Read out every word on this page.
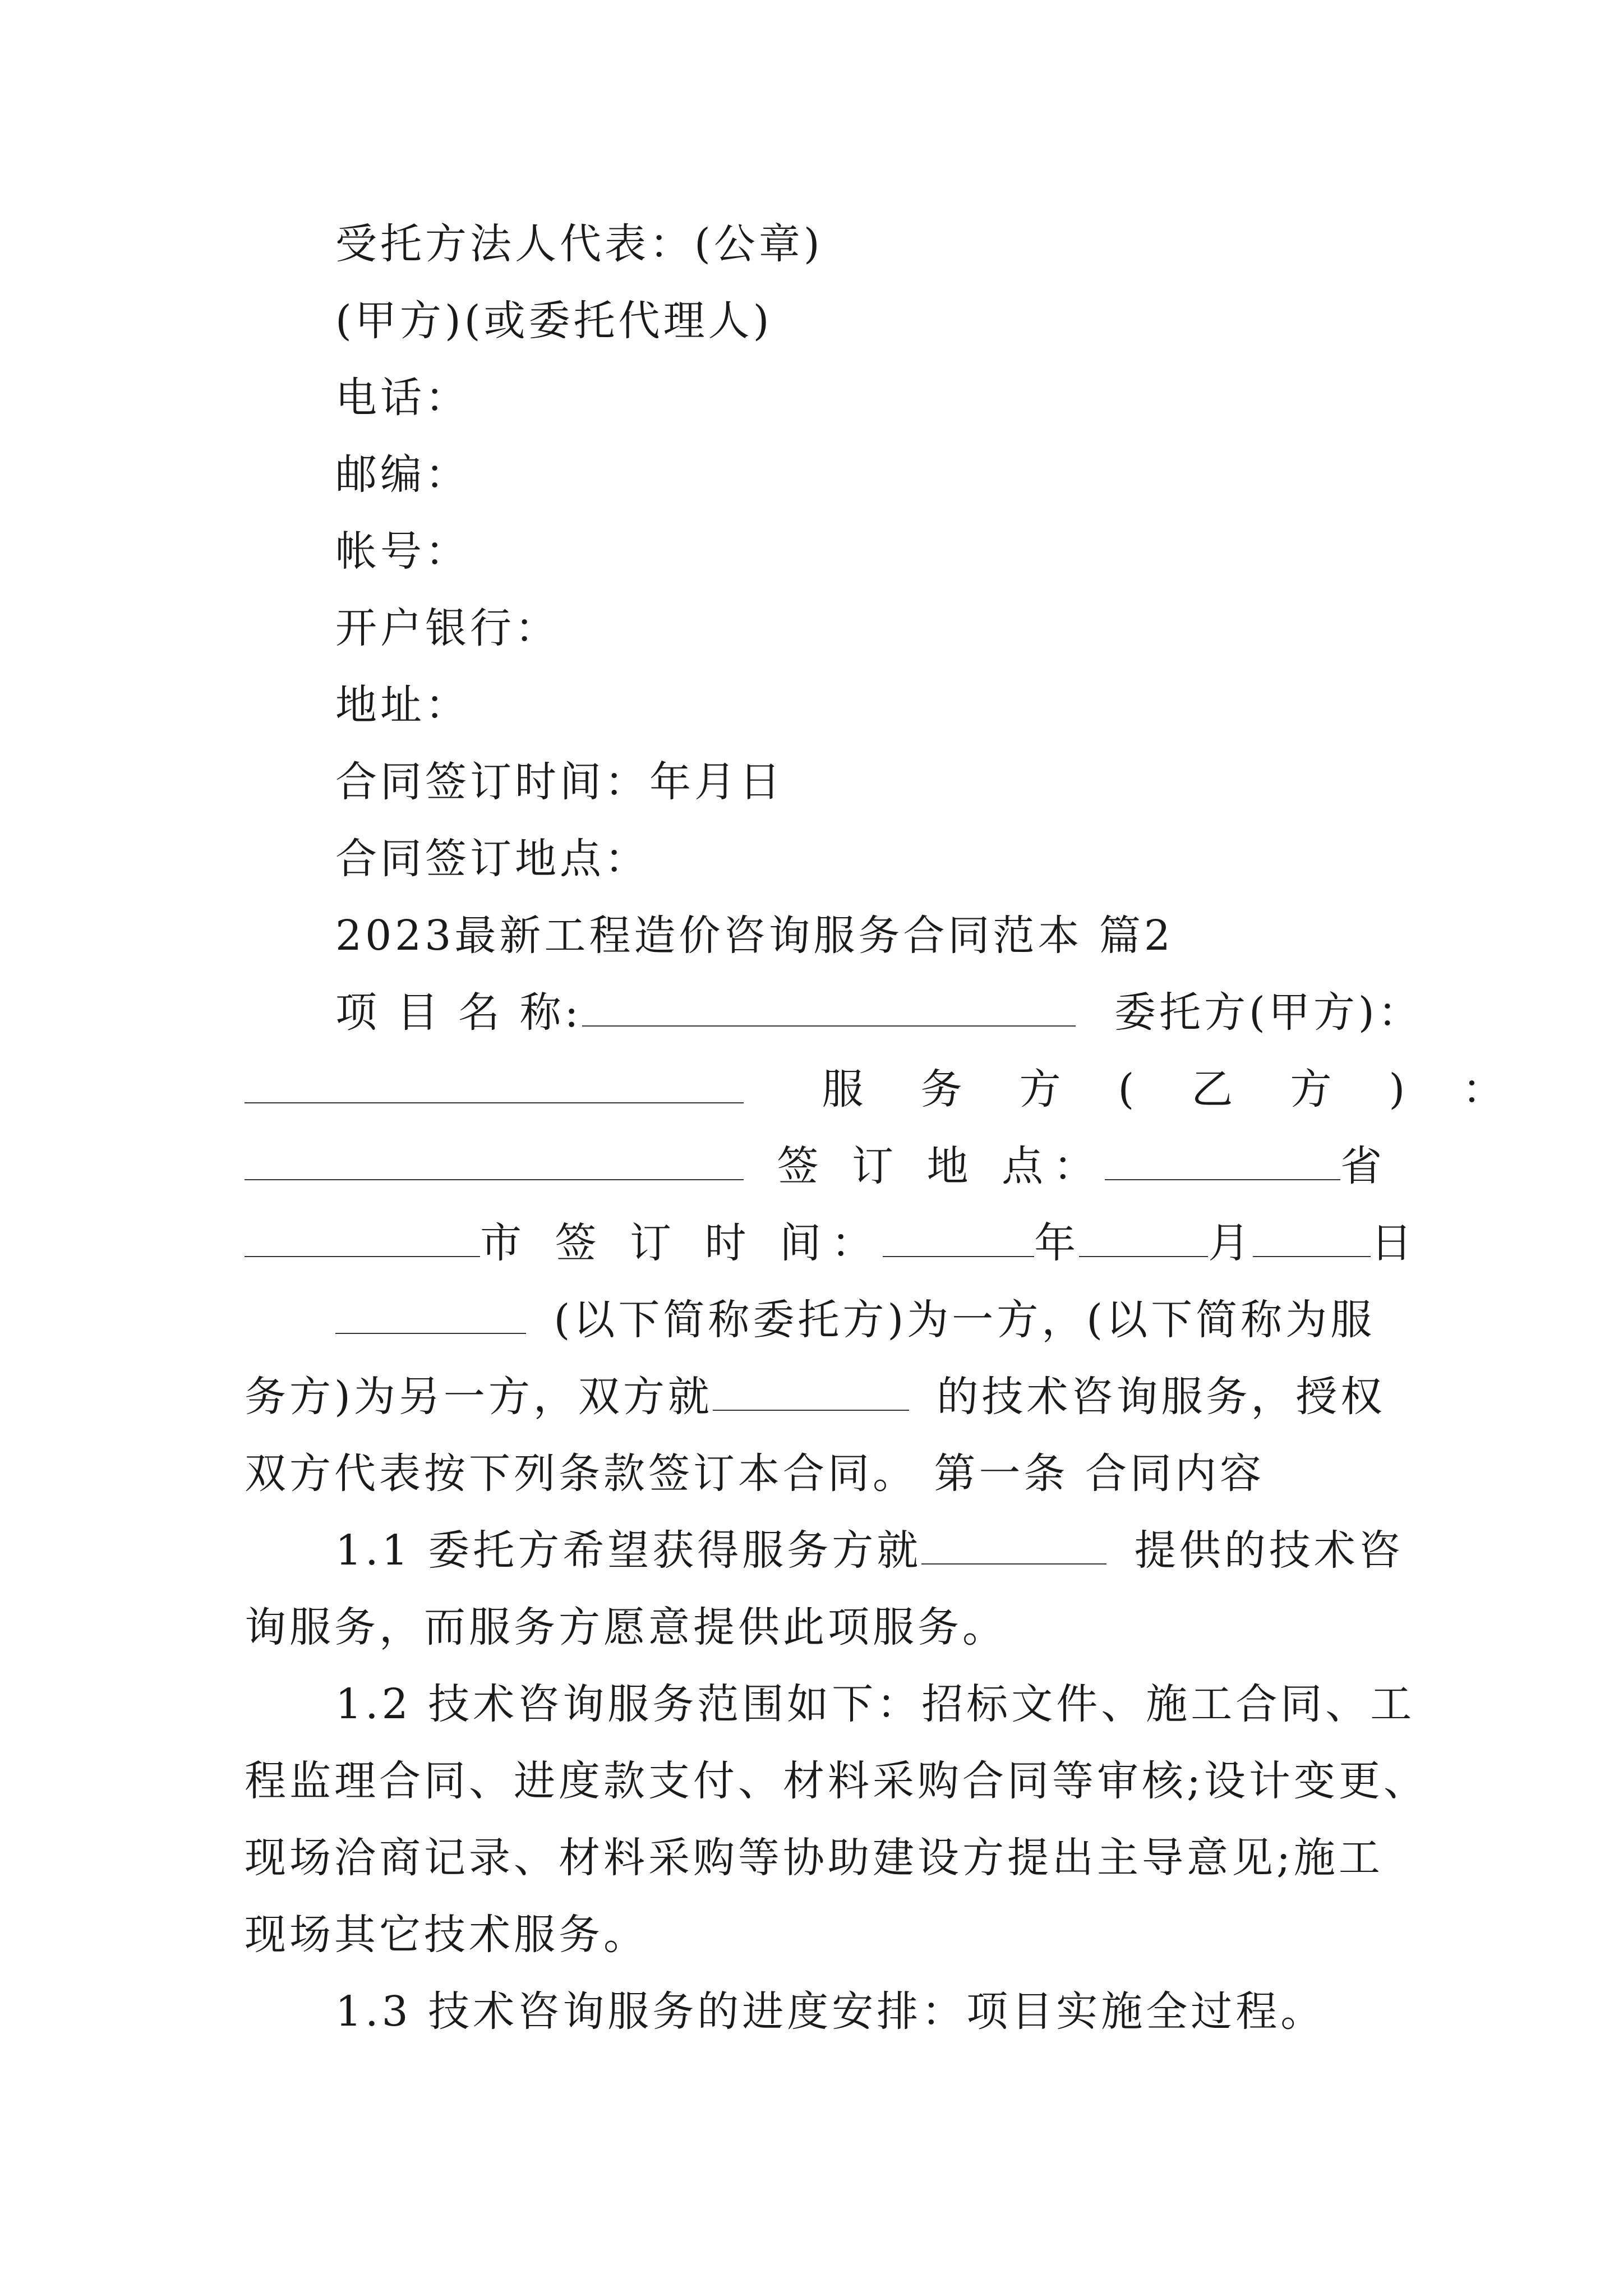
受托方法人代表：(公章)
(甲方)(或委托代理人)
电话：
邮编：
帐号：
开户银行：
地址：
合同签订时间：年月日
合同签订地点：
2023最新工程造价咨询服务合同范本 篇2
项 目 名 称:	委托方(甲方)：
服　务　方　(　乙　方　)　：
签 订 地 点：	省
市 签 订 时 间：	年	月	日
(以下简称委托方)为一方，(以下简称为服
务方)为另一方，双方就	的技术咨询服务，授权
双方代表按下列条款签订本合同。 第一条 合同内容
1.1 委托方希望获得服务方就	提供的技术咨
询服务，而服务方愿意提供此项服务。
1.2 技术咨询服务范围如下：招标文件、施工合同、工
程监理合同、进度款支付、材料采购合同等审核;设计变更、
现场洽商记录、材料采购等协助建设方提出主导意见;施工
现场其它技术服务。
1.3 技术咨询服务的进度安排：项目实施全过程。
